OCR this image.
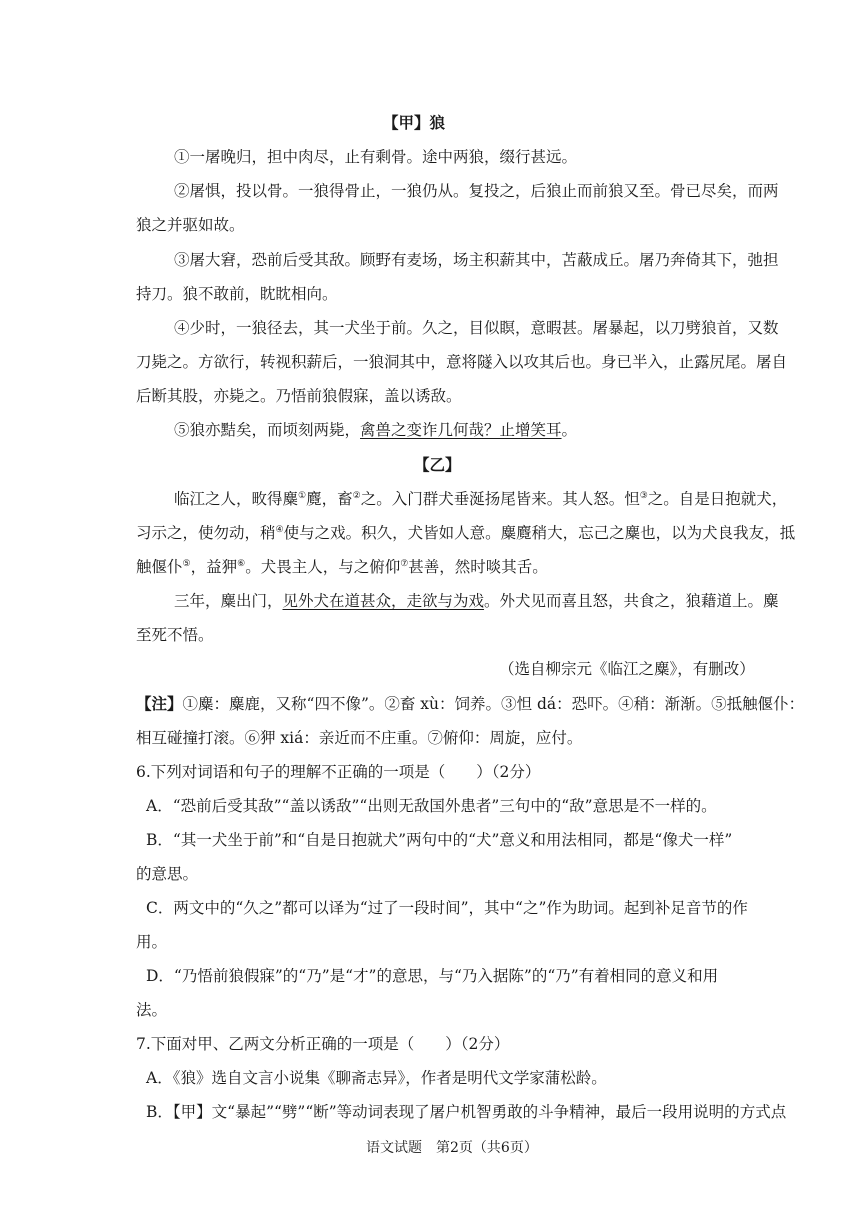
【甲】狼
①一屠晚归，担中肉尽，止有剩骨。途中两狼，缀行甚远。
②屠惧，投以骨。一狼得骨止，一狼仍从。复投之，后狼止而前狼又至。骨已尽矣，而两
狼之并驱如故。
③屠大窘，恐前后受其敌。顾野有麦场，场主积薪其中，苫蔽成丘。屠乃奔倚其下，弛担
持刀。狼不敢前，眈眈相向。
④少时，一狼径去，其一犬坐于前。久之，目似瞑，意暇甚。屠暴起，以刀劈狼首，又数
刀毙之。方欲行，转视积薪后，一狼洞其中，意将隧入以攻其后也。身已半入，止露尻尾。屠自
后断其股，亦毙之。乃悟前狼假寐，盖以诱敌。
⑤狼亦黠矣，而顷刻两毙，禽兽之变诈几何哉？止增笑耳。
【乙】
临江之人，畋得麋①麑，畜②之。入门群犬垂涎扬尾皆来。其人怒。怛③之。自是日抱就犬，
习示之，使勿动，稍④使与之戏。积久，犬皆如人意。麋麑稍大，忘己之麋也，以为犬良我友，抵
触偃仆⑤，益狎⑥。犬畏主人，与之俯仰⑦甚善，然时啖其舌。
三年，麋出门，见外犬在道甚众，走欲与为戏。外犬见而喜且怒，共食之，狼藉道上。麋
至死不悟。
（选自柳宗元《临江之麋》，有删改）
【注】①麋：麋鹿，又称“四不像”。②畜 xù：饲养。③怛 dá：恐吓。④稍：渐渐。⑤抵触偃仆：
相互碰撞打滚。⑥狎 xiá：亲近而不庄重。⑦俯仰：周旋，应付。
6.下列对词语和句子的理解不正确的一项是（　　）（2分）
A．“恐前后受其敌”“盖以诱敌”“出则无敌国外患者”三句中的“敌”意思是不一样的。
B．“其一犬坐于前”和“自是日抱就犬”两句中的“犬”意义和用法相同，都是“像犬一样”
的意思。
C．两文中的“久之”都可以译为“过了一段时间”，其中“之”作为助词。起到补足音节的作
用。
D．“乃悟前狼假寐”的“乃”是“才”的意思，与“乃入据陈”的“乃”有着相同的意义和用
法。
7.下面对甲、乙两文分析正确的一项是（　　）（2分）
A．《狼》选自文言小说集《聊斋志异》，作者是明代文学家蒲松龄。
B．【甲】文“暴起”“劈”“断”等动词表现了屠户机智勇敢的斗争精神，最后一段用说明的方式点
语文试题　第2页（共6页）
